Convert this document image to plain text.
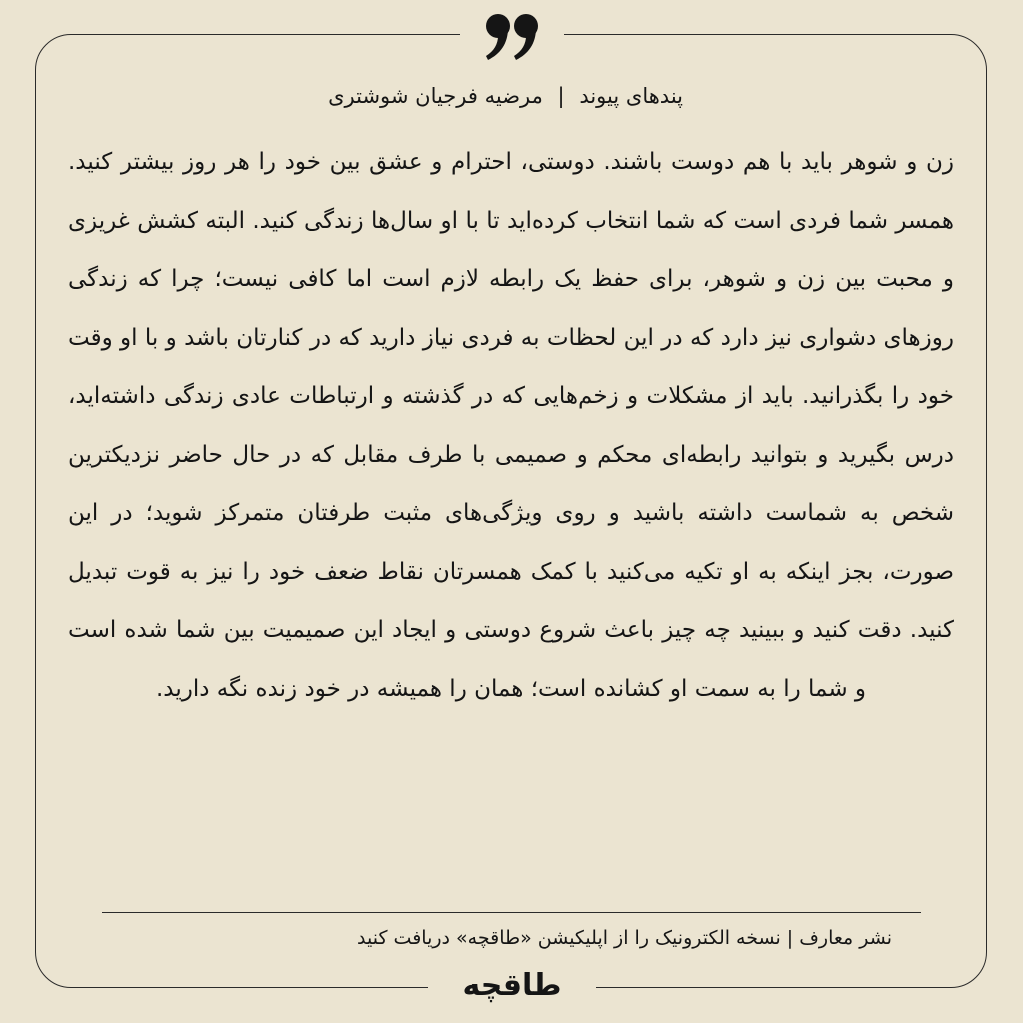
پندهای پیوند | مرضیه فرجیان شوشتری

زن و شوهر باید با هم دوست باشند. دوستی، احترام و عشق بین خود را هر روز بیشتر کنید. همسر شما فردی است که شما انتخاب کرده‌اید تا با او سال‌ها زندگی کنید. البته کشش غریزی و محبت بین زن و شوهر، برای حفظ یک رابطه لازم است اما کافی نیست؛ چرا که زندگی روزهای دشواری نیز دارد که در این لحظات به فردی نیاز دارید که در کنارتان باشد و با او وقت خود را بگذرانید. باید از مشکلات و زخم‌هایی که در گذشته و ارتباطات عادی زندگی داشته‌اید، درس بگیرید و بتوانید رابطه‌ای محکم و صمیمی با طرف مقابل که در حال حاضر نزدیکترین شخص به شماست داشته باشید و روی ویژگی‌های مثبت طرفتان متمرکز شوید؛ در این صورت، بجز اینکه به او تکیه می‌کنید با کمک همسرتان نقاط ضعف خود را نیز به قوت تبدیل کنید. دقت کنید و ببینید چه چیز باعث شروع دوستی و ایجاد این صمیمیت بین شما شده است و شما را به سمت او کشانده است؛ همان را همیشه در خود زنده نگه دارید.

نشر معارف | نسخه الکترونیک را از اپلیکیشن «طاقچه» دریافت کنید
طاقچه
